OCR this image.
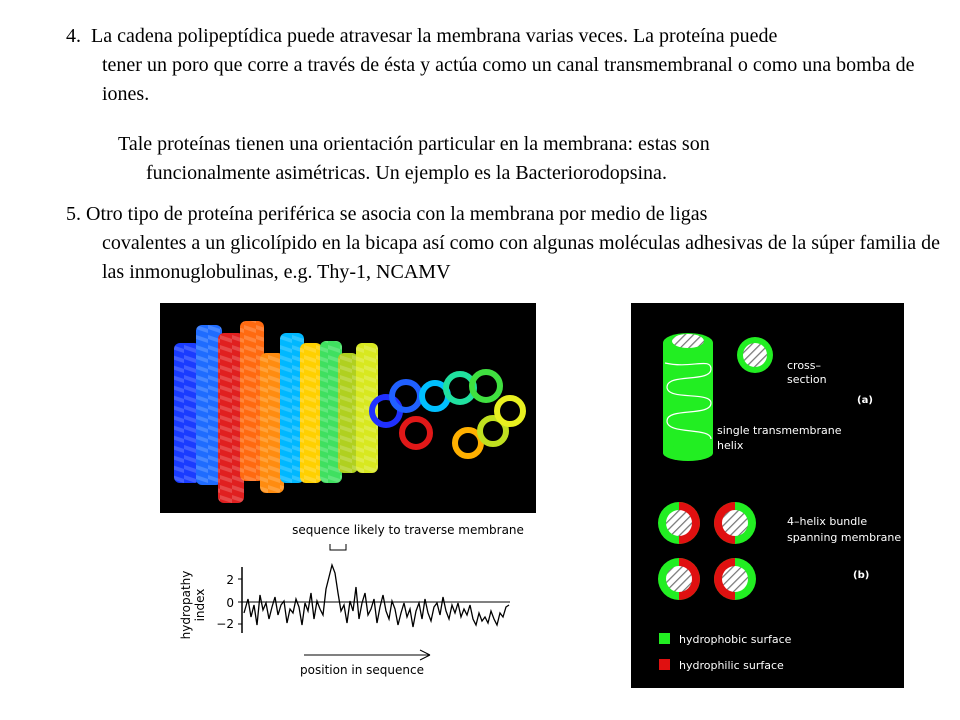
4. La cadena polipeptídica puede atravesar la membrana varias veces. La proteína puede
tener un poro que corre a través de ésta y actúa como un canal transmembranal o como una bomba de iones.
Tale proteínas tienen una orientación particular en la membrana: estas son
funcionalmente asimétricas. Un ejemplo es la Bacteriorodopsina.
5. Otro tipo de proteína periférica se asocia con la membrana por medio de ligas
covalentes a un glicolípido en la bicapa así como con algunas moléculas adhesivas de la súper familia de las inmonuglobulinas, e.g. Thy-1, NCAMV
sequence likely to traverse membrane
hydropathy index
2
0
−2
position in sequence
cross–
section
(a)
single transmembrane
helix
4–helix bundle
spanning membrane
(b)
hydrophobic surface
hydrophilic surface
